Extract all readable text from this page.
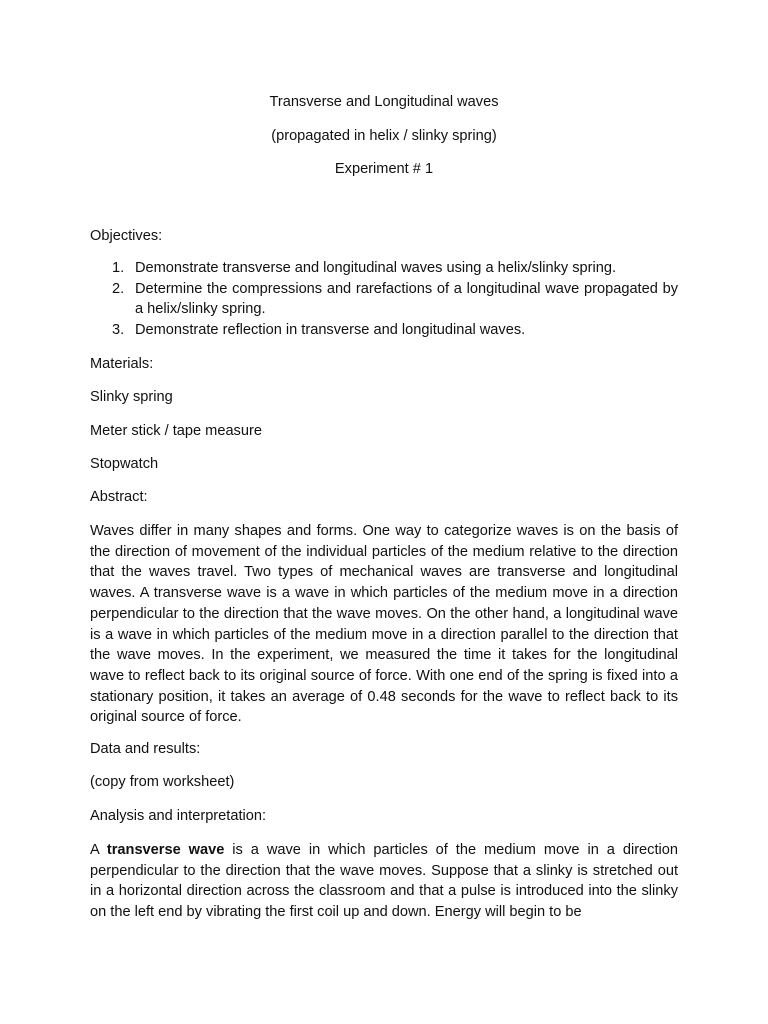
Transverse and Longitudinal waves
(propagated in helix / slinky spring)
Experiment # 1
Objectives:
1. Demonstrate transverse and longitudinal waves using a helix/slinky spring.
2. Determine the compressions and rarefactions of a longitudinal wave propagated by a helix/slinky spring.
3. Demonstrate reflection in transverse and longitudinal waves.
Materials:
Slinky spring
Meter stick / tape measure
Stopwatch
Abstract:
Waves differ in many shapes and forms. One way to categorize waves is on the basis of the direction of movement of the individual particles of the medium relative to the direction that the waves travel. Two types of mechanical waves are transverse and longitudinal waves. A transverse wave is a wave in which particles of the medium move in a direction perpendicular to the direction that the wave moves. On the other hand, a longitudinal wave is a wave in which particles of the medium move in a direction parallel to the direction that the wave moves. In the experiment, we measured the time it takes for the longitudinal wave to reflect back to its original source of force. With one end of the spring is fixed into a stationary position, it takes an average of 0.48 seconds for the wave to reflect back to its original source of force.
Data and results:
(copy from worksheet)
Analysis and interpretation:
A transverse wave is a wave in which particles of the medium move in a direction perpendicular to the direction that the wave moves. Suppose that a slinky is stretched out in a horizontal direction across the classroom and that a pulse is introduced into the slinky on the left end by vibrating the first coil up and down. Energy will begin to be
